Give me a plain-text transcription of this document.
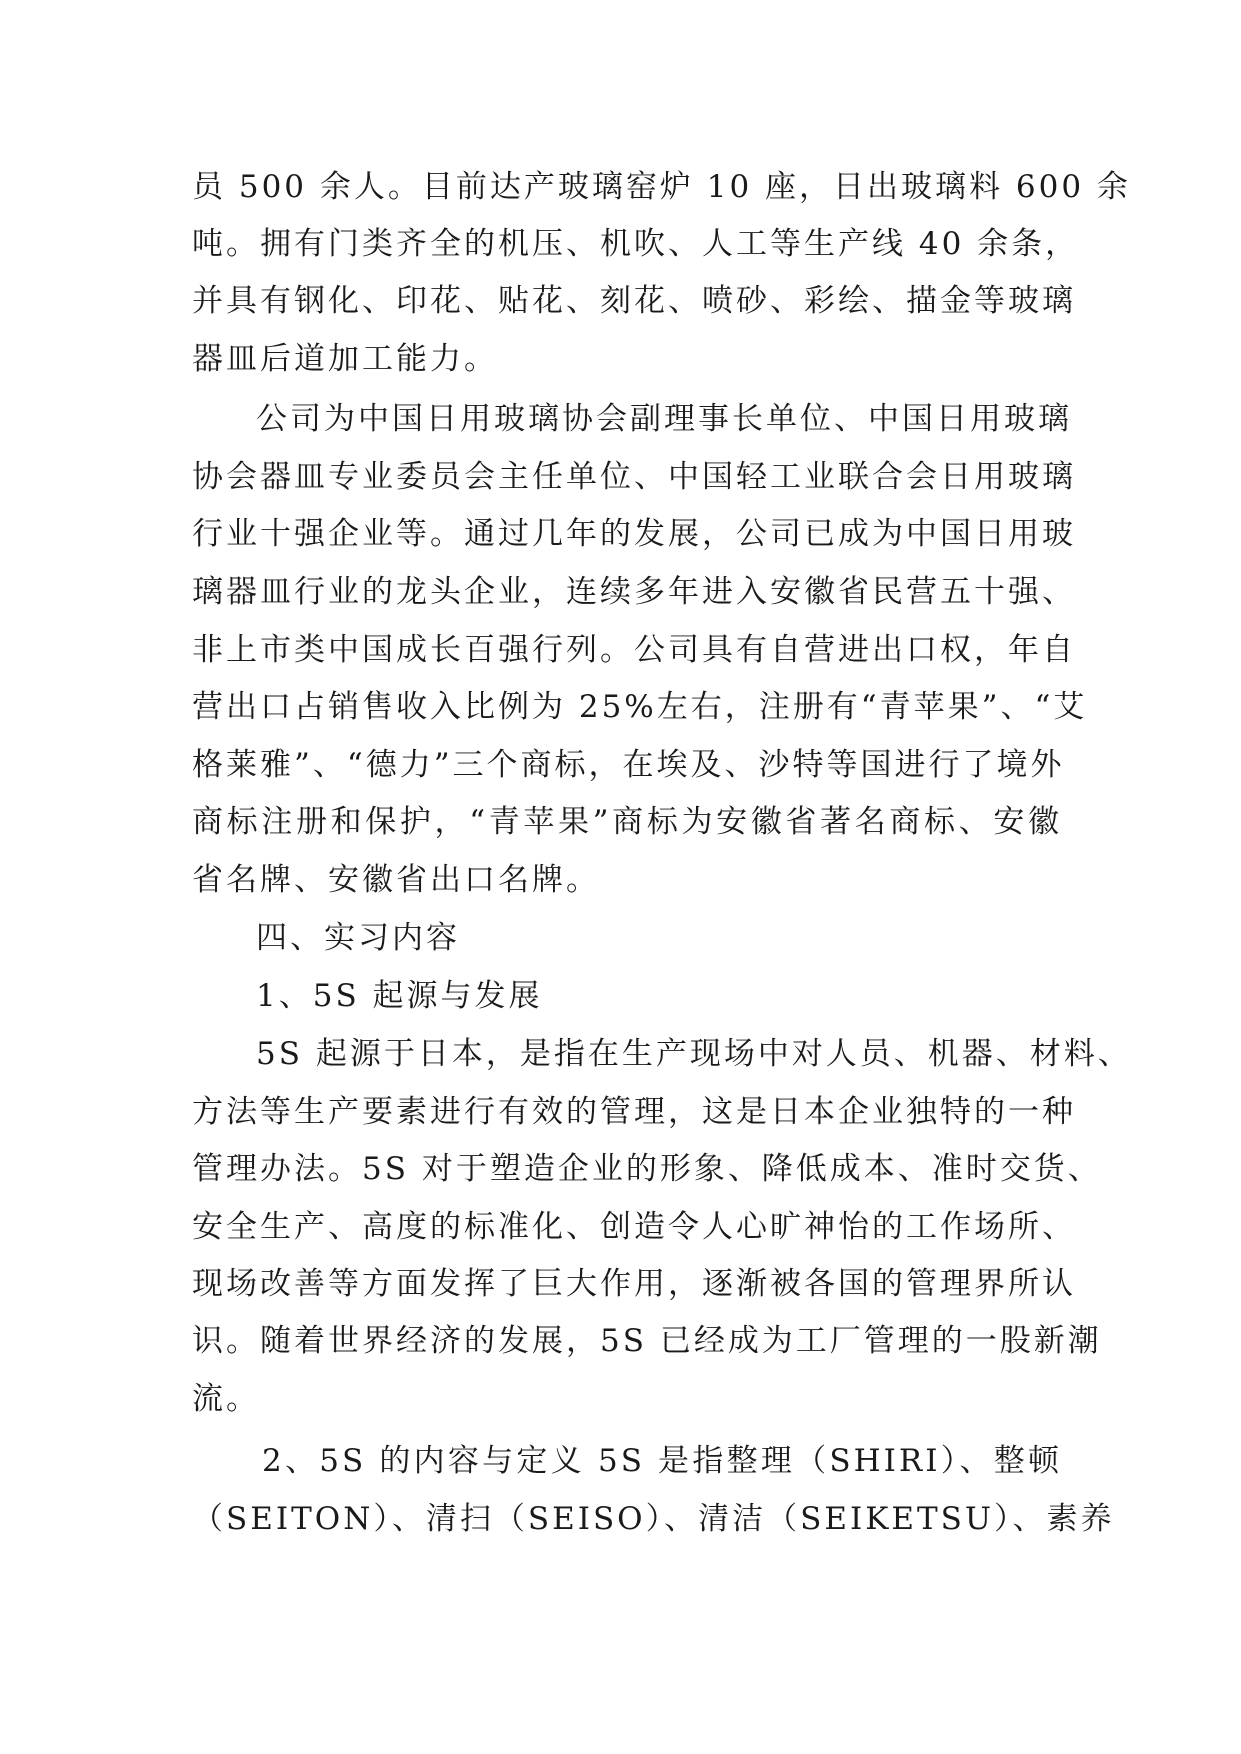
员 500 余人。目前达产玻璃窑炉 10 座，日出玻璃料 600 余
吨。拥有门类齐全的机压、机吹、人工等生产线 40 余条，
并具有钢化、印花、贴花、刻花、喷砂、彩绘、描金等玻璃
器皿后道加工能力。
公司为中国日用玻璃协会副理事长单位、中国日用玻璃
协会器皿专业委员会主任单位、中国轻工业联合会日用玻璃
行业十强企业等。通过几年的发展，公司已成为中国日用玻
璃器皿行业的龙头企业，连续多年进入安徽省民营五十强、
非上市类中国成长百强行列。公司具有自营进出口权，年自
营出口占销售收入比例为 25%左右，注册有“青苹果”、“艾
格莱雅”、“德力”三个商标，在埃及、沙特等国进行了境外
商标注册和保护，“青苹果”商标为安徽省著名商标、安徽
省名牌、安徽省出口名牌。
四、实习内容
1、5S 起源与发展
5S 起源于日本，是指在生产现场中对人员、机器、材料、
方法等生产要素进行有效的管理，这是日本企业独特的一种
管理办法。5S 对于塑造企业的形象、降低成本、准时交货、
安全生产、高度的标准化、创造令人心旷神怡的工作场所、
现场改善等方面发挥了巨大作用，逐渐被各国的管理界所认
识。随着世界经济的发展，5S 已经成为工厂管理的一股新潮
流。
2、5S 的内容与定义 5S 是指整理（SHIRI）、整顿
（SEITON）、清扫（SEISO）、清洁（SEIKETSU）、素养
